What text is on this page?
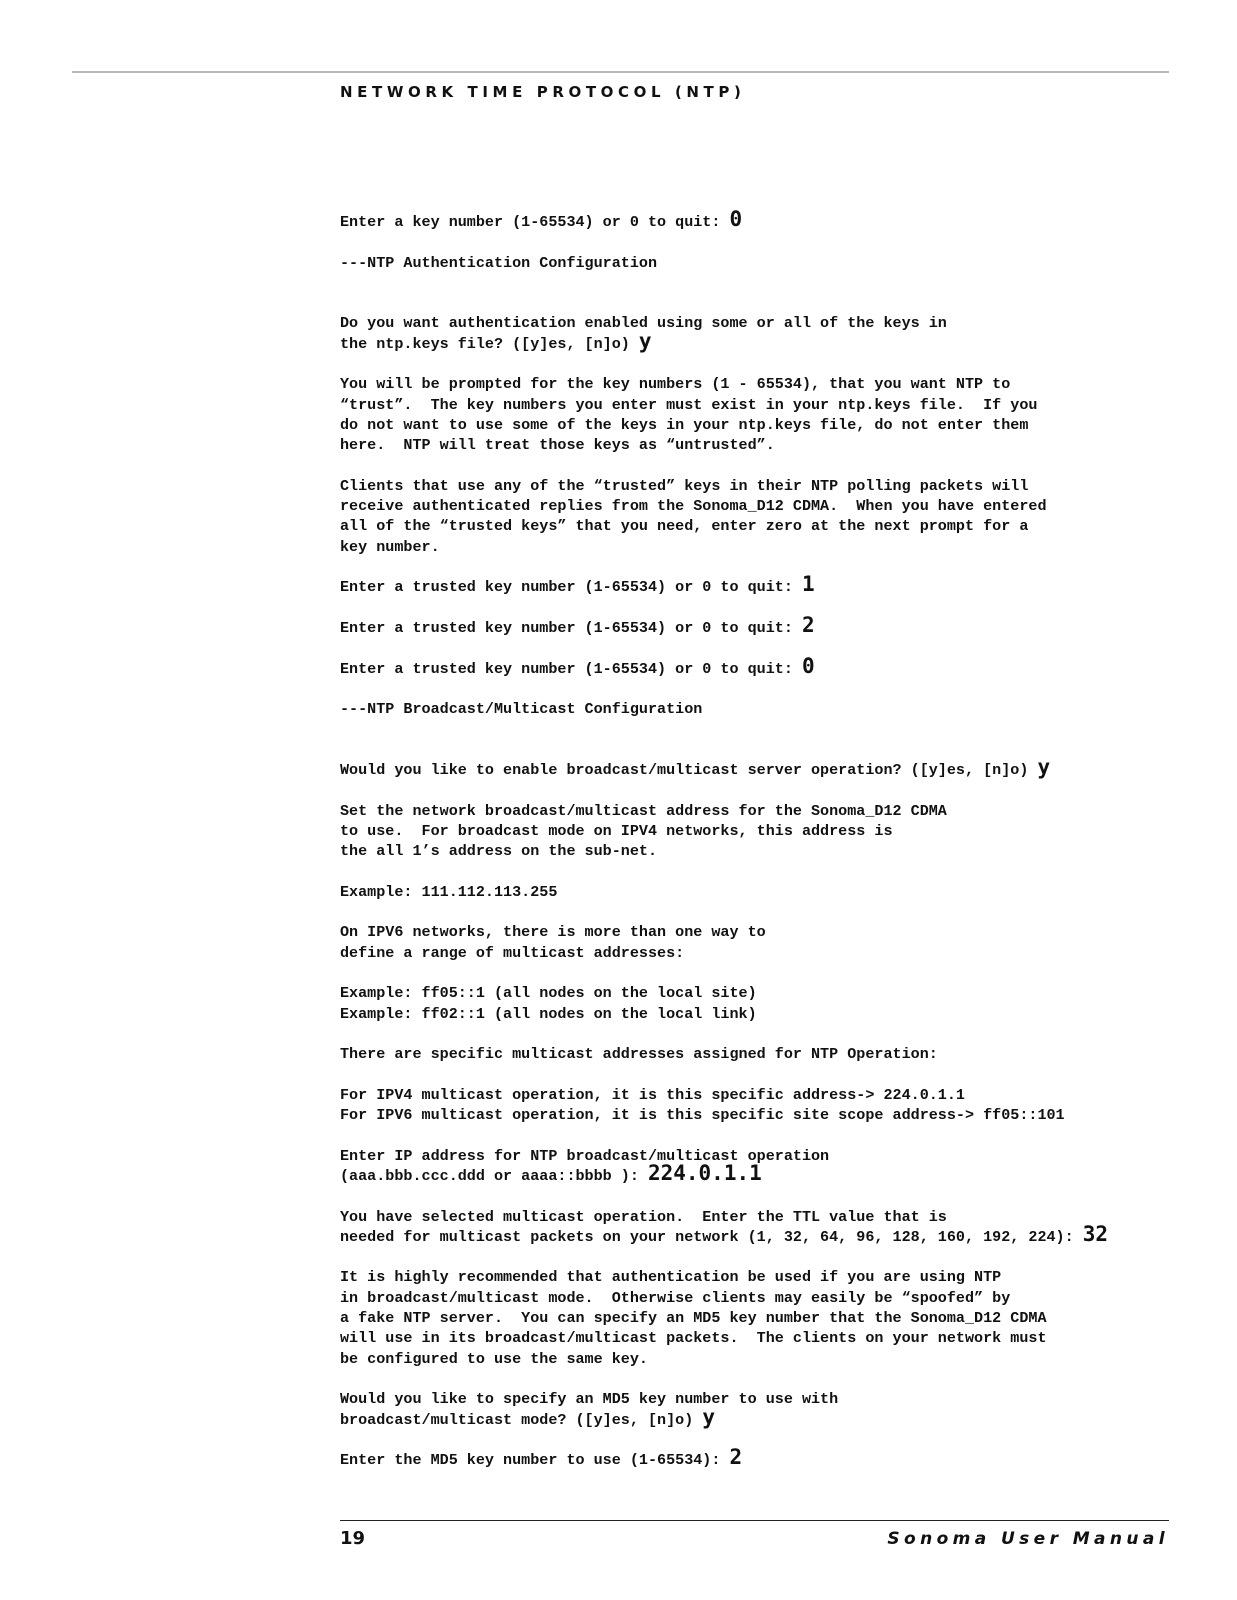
NETWORK TIME PROTOCOL (NTP)
Enter a key number (1-65534) or 0 to quit: 0
---NTP Authentication Configuration
Do you want authentication enabled using some or all of the keys in
the ntp.keys file? ([y]es, [n]o) y
You will be prompted for the key numbers (1 - 65534), that you want NTP to
“trust”.  The key numbers you enter must exist in your ntp.keys file.  If you
do not want to use some of the keys in your ntp.keys file, do not enter them
here.  NTP will treat those keys as “untrusted”.
Clients that use any of the “trusted” keys in their NTP polling packets will
receive authenticated replies from the Sonoma_D12 CDMA.  When you have entered
all of the “trusted keys” that you need, enter zero at the next prompt for a
key number.
Enter a trusted key number (1-65534) or 0 to quit: 1
Enter a trusted key number (1-65534) or 0 to quit: 2
Enter a trusted key number (1-65534) or 0 to quit: 0
---NTP Broadcast/Multicast Configuration
Would you like to enable broadcast/multicast server operation? ([y]es, [n]o) y
Set the network broadcast/multicast address for the Sonoma_D12 CDMA
to use.  For broadcast mode on IPV4 networks, this address is
the all 1’s address on the sub-net.
Example: 111.112.113.255
On IPV6 networks, there is more than one way to
define a range of multicast addresses:
Example: ff05::1 (all nodes on the local site)
Example: ff02::1 (all nodes on the local link)
There are specific multicast addresses assigned for NTP Operation:
For IPV4 multicast operation, it is this specific address-> 224.0.1.1
For IPV6 multicast operation, it is this specific site scope address-> ff05::101
Enter IP address for NTP broadcast/multicast operation
(aaa.bbb.ccc.ddd or aaaa::bbbb ): 224.0.1.1
You have selected multicast operation.  Enter the TTL value that is
needed for multicast packets on your network (1, 32, 64, 96, 128, 160, 192, 224): 32
It is highly recommended that authentication be used if you are using NTP
in broadcast/multicast mode.  Otherwise clients may easily be “spoofed” by
a fake NTP server.  You can specify an MD5 key number that the Sonoma_D12 CDMA
will use in its broadcast/multicast packets.  The clients on your network must
be configured to use the same key.
Would you like to specify an MD5 key number to use with
broadcast/multicast mode? ([y]es, [n]o) y
Enter the MD5 key number to use (1-65534): 2
19	Sonoma User Manual
